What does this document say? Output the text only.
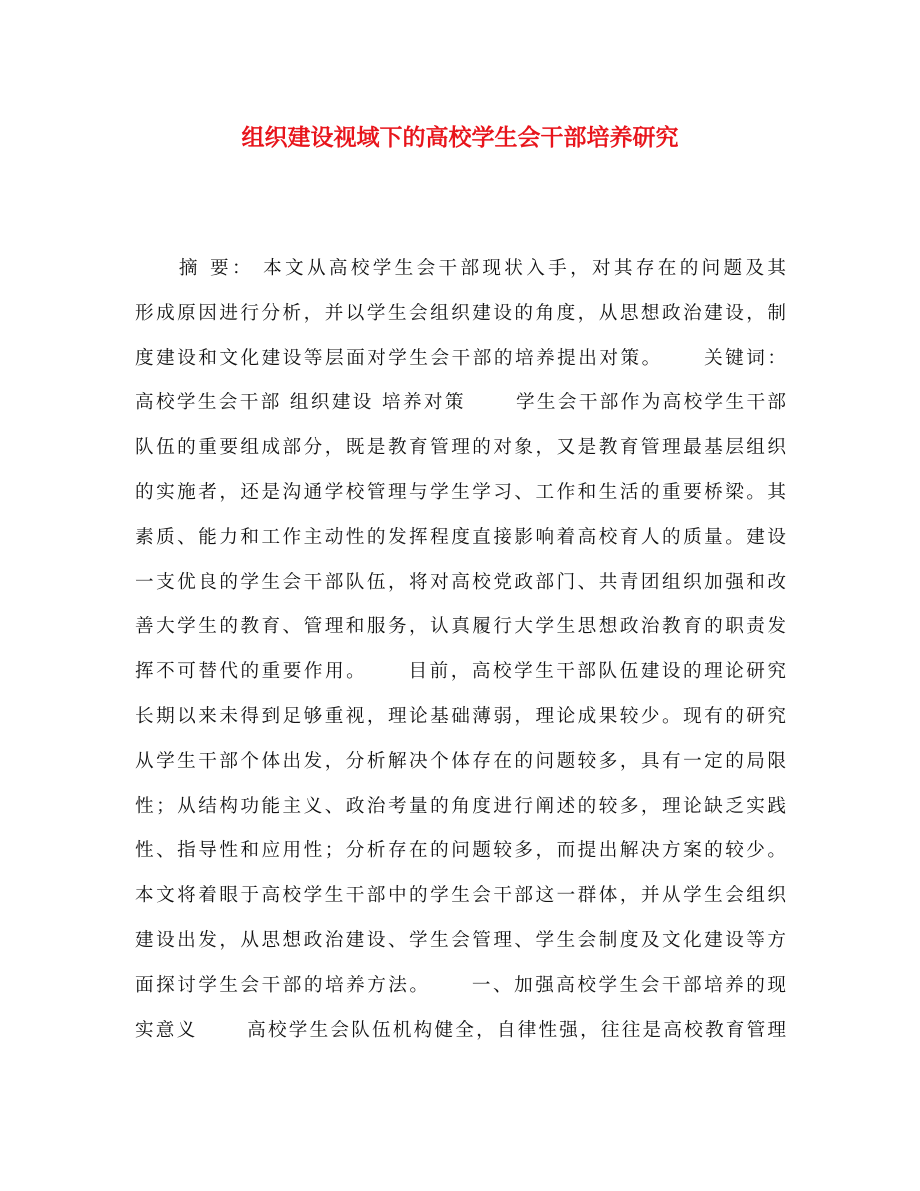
组织建设视域下的高校学生会干部培养研究
　　摘 要： 本文从高校学生会干部现状入手，对其存在的问题及其
形成原因进行分析，并以学生会组织建设的角度，从思想政治建设，制
度建设和文化建设等层面对学生会干部的培养提出对策。　　 关键词：
高校学生会干部 组织建设 培养对策　　 学生会干部作为高校学生干部
队伍的重要组成部分，既是教育管理的对象，又是教育管理最基层组织
的实施者，还是沟通学校管理与学生学习、工作和生活的重要桥梁。其
素质、能力和工作主动性的发挥程度直接影响着高校育人的质量。建设
一支优良的学生会干部队伍，将对高校党政部门、共青团组织加强和改
善大学生的教育、管理和服务，认真履行大学生思想政治教育的职责发
挥不可替代的重要作用。　　 目前，高校学生干部队伍建设的理论研究
长期以来未得到足够重视，理论基础薄弱，理论成果较少。现有的研究
从学生干部个体出发，分析解决个体存在的问题较多，具有一定的局限
性；从结构功能主义、政治考量的角度进行阐述的较多，理论缺乏实践
性、指导性和应用性；分析存在的问题较多，而提出解决方案的较少。
本文将着眼于高校学生干部中的学生会干部这一群体，并从学生会组织
建设出发，从思想政治建设、学生会管理、学生会制度及文化建设等方
面探讨学生会干部的培养方法。　　 一、加强高校学生会干部培养的现
实意义　　 高校学生会队伍机构健全，自律性强，往往是高校教育管理
